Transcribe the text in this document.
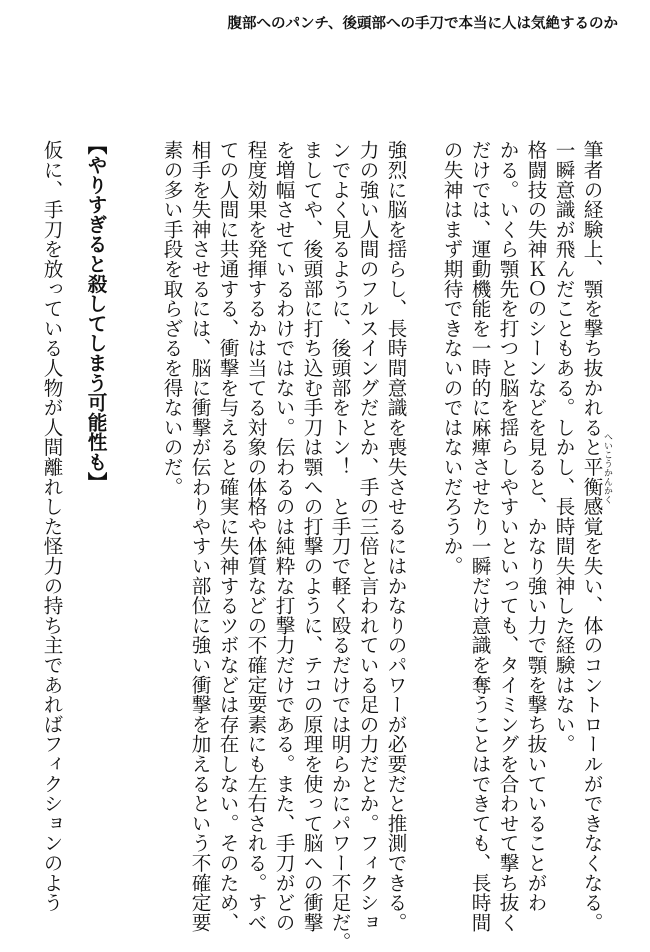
腹部へのパンチ、後頭部への手刀で本当に人は気絶するのか
へいこうかんかく
筆者の経験上、顎を撃ち抜かれると平衡感覚を失い、体のコントロールができなくなる。
一瞬意識が飛んだこともある。しかし、長時間失神した経験はない。
格闘技の失神ＫＯのシーンなどを見ると、かなり強い力で顎を撃ち抜いていることがわ
かる。いくら顎先を打つと脳を揺らしやすいといっても、タイミングを合わせて撃ち抜く
だけでは、運動機能を一時的に麻痺させたり一瞬だけ意識を奪うことはできても、長時間
の失神はまず期待できないのではないだろうか。
強烈に脳を揺らし、長時間意識を喪失させるにはかなりのパワーが必要だと推測できる。
力の強い人間のフルスイングだとか、手の三倍と言われている足の力だとか。フィクショ
ンでよく見るように、後頭部をトン！　と手刀で軽く殴るだけでは明らかにパワー不足だ。
ましてや、後頭部に打ち込む手刀は顎への打撃のように、テコの原理を使って脳への衝撃
を増幅させているわけではない。伝わるのは純粋な打撃力だけである。また、手刀がどの
程度効果を発揮するかは当てる対象の体格や体質などの不確定要素にも左右される。すべ
ての人間に共通する、衝撃を与えると確実に失神するツボなどは存在しない。そのため、
相手を失神させるには、脳に衝撃が伝わりやすい部位に強い衝撃を加えるという不確定要
素の多い手段を取らざるを得ないのだ。
【やりすぎると殺してしまう可能性も】
仮に、手刀を放っている人物が人間離れした怪力の持ち主であればフィクションのよう
